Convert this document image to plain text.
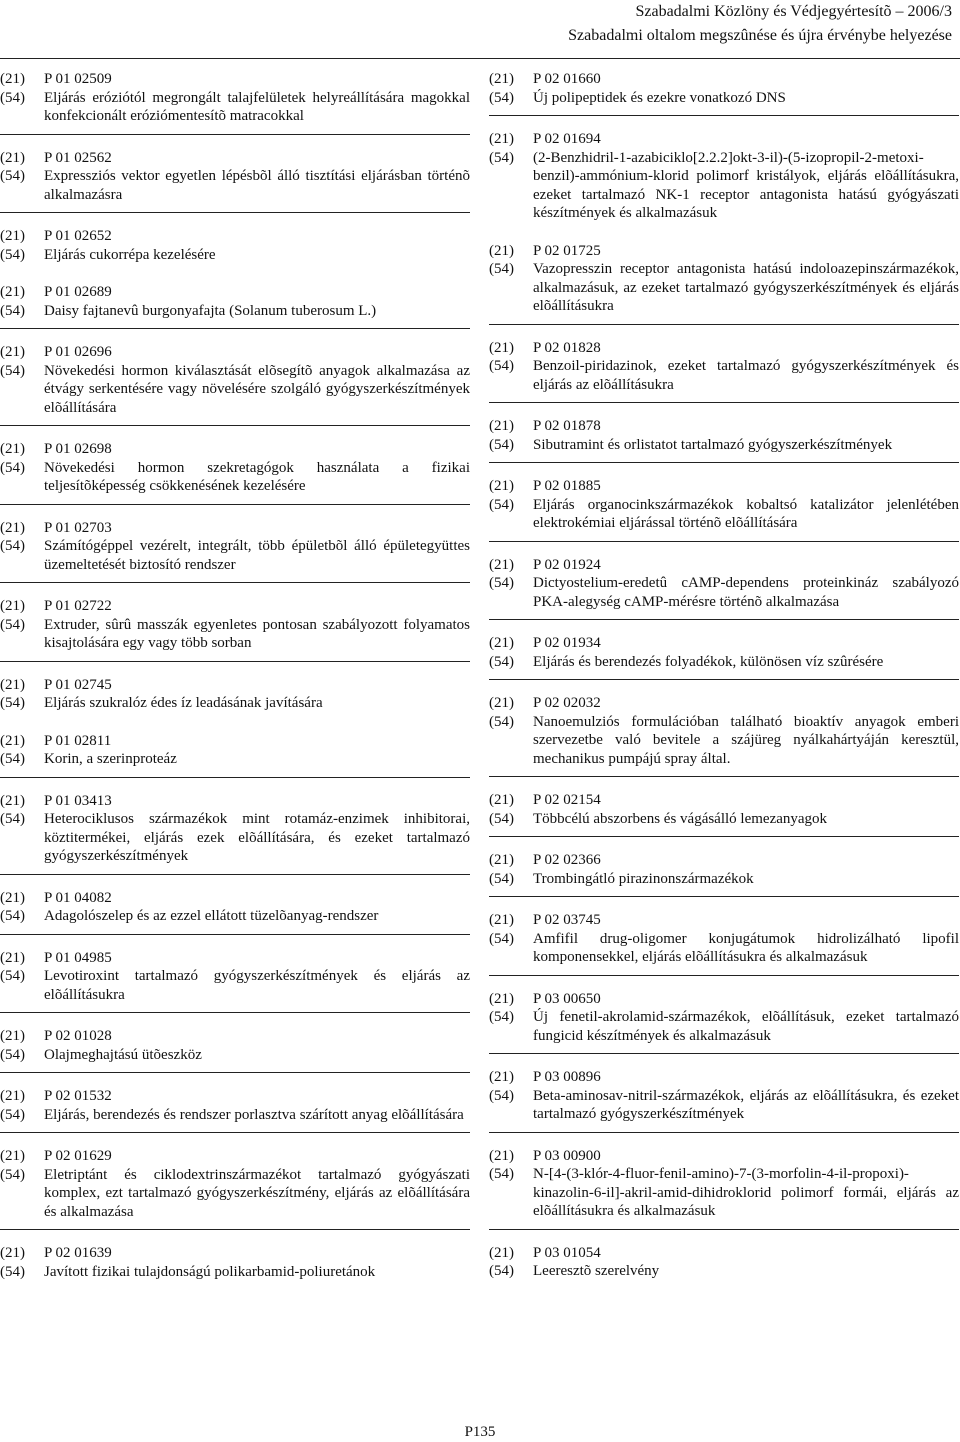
Szabadalmi Közlöny és Védjegyértesítõ – 2006/3
Szabadalmi oltalom megszûnése és újra érvénybe helyezése
(21)	P 01 02509
(54)	Eljárás eróziótól megrongált talajfelületek helyreállítására magokkal konfekcionált eróziómentesítõ matracokkal
(21)	P 01 02562
(54)	Expressziós vektor egyetlen lépésbõl álló tisztítási eljárásban történõ alkalmazásra
(21)	P 01 02652
(54)	Eljárás cukorrépa kezelésére
(21)	P 01 02689
(54)	Daisy fajtanevû burgonyafajta (Solanum tuberosum L.)
(21)	P 01 02696
(54)	Növekedési hormon kiválasztását elõsegítõ anyagok alkalmazása az étvágy serkentésére vagy növelésére szolgáló gyógyszerkészítmények elõállítására
(21)	P 01 02698
(54)	Növekedési hormon szekretagógok használata a fizikai teljesítõképesség csökkenésének kezelésére
(21)	P 01 02703
(54)	Számítógéppel vezérelt, integrált, több épületbõl álló épületegyüttes üzemeltetését biztosító rendszer
(21)	P 01 02722
(54)	Extruder, sûrû masszák egyenletes pontosan szabályozott folyamatos kisajtolására egy vagy több sorban
(21)	P 01 02745
(54)	Eljárás szukralóz édes íz leadásának javítására
(21)	P 01 02811
(54)	Korin, a szerinproteáz
(21)	P 01 03413
(54)	Heterociklusos származékok mint rotamáz-enzimek inhibitorai, köztitermékei, eljárás ezek elõállítására, és ezeket tartalmazó gyógyszerkészítmények
(21)	P 01 04082
(54)	Adagolószelep és az ezzel ellátott tüzelõanyag-rendszer
(21)	P 01 04985
(54)	Levotiroxint tartalmazó gyógyszerkészítmények és eljárás az elõállításukra
(21)	P 02 01028
(54)	Olajmeghajtású ütõeszköz
(21)	P 02 01532
(54)	Eljárás, berendezés és rendszer porlasztva szárított anyag elõállítására
(21)	P 02 01629
(54)	Eletriptánt és ciklodextrinszármazékot tartalmazó gyógyászati komplex, ezt tartalmazó gyógyszerkészítmény, eljárás az elõállítására és alkalmazása
(21)	P 02 01639
(54)	Javított fizikai tulajdonságú polikarbamid-poliuretánok
(21)	P 02 01660
(54)	Új polipeptidek és ezekre vonatkozó DNS
(21)	P 02 01694
(54)	(2-Benzhidril-1-azabiciklo[2.2.2]okt-3-il)-(5-izopropil-2-metoxi-benzil)-ammónium-klorid polimorf kristályok, eljárás elõállításukra, ezeket tartalmazó NK-1 receptor antagonista hatású gyógyászati készítmények és alkalmazásuk
(21)	P 02 01725
(54)	Vazopresszin receptor antagonista hatású indoloazepinszármazékok, alkalmazásuk, az ezeket tartalmazó gyógyszerkészítmények és eljárás elõállításukra
(21)	P 02 01828
(54)	Benzoil-piridazinok, ezeket tartalmazó gyógyszerkészítmények és eljárás az elõállításukra
(21)	P 02 01878
(54)	Sibutramint és orlistatot tartalmazó gyógyszerkészítmények
(21)	P 02 01885
(54)	Eljárás organocinkszármazékok kobaltsó katalizátor jelenlétében elektrokémiai eljárással történõ elõállítására
(21)	P 02 01924
(54)	Dictyostelium-eredetû cAMP-dependens proteinkináz szabályozó PKA-alegység cAMP-mérésre történõ alkalmazása
(21)	P 02 01934
(54)	Eljárás és berendezés folyadékok, különösen víz szûrésére
(21)	P 02 02032
(54)	Nanoemulziós formulációban található bioaktív anyagok emberi szervezetbe való bevitele a szájüreg nyálkahártyáján keresztül, mechanikus pumpájú spray által.
(21)	P 02 02154
(54)	Többcélú abszorbens és vágásálló lemezanyagok
(21)	P 02 02366
(54)	Trombingátló pirazinonszármazékok
(21)	P 02 03745
(54)	Amfifil drug-oligomer konjugátumok hidrolizálható lipofil komponensekkel, eljárás elõállításukra és alkalmazásuk
(21)	P 03 00650
(54)	Új fenetil-akrolamid-származékok, elõállításuk, ezeket tartalmazó fungicid készítmények és alkalmazásuk
(21)	P 03 00896
(54)	Beta-aminosav-nitril-származékok, eljárás az elõállításukra, és ezeket tartalmazó gyógyszerkészítmények
(21)	P 03 00900
(54)	N-[4-(3-klór-4-fluor-fenil-amino)-7-(3-morfolin-4-il-propoxi)-kinazolin-6-il]-akril-amid-dihidroklorid polimorf formái, eljárás az elõállításukra és alkalmazásuk
(21)	P 03 01054
(54)	Leeresztõ szerelvény
P135
